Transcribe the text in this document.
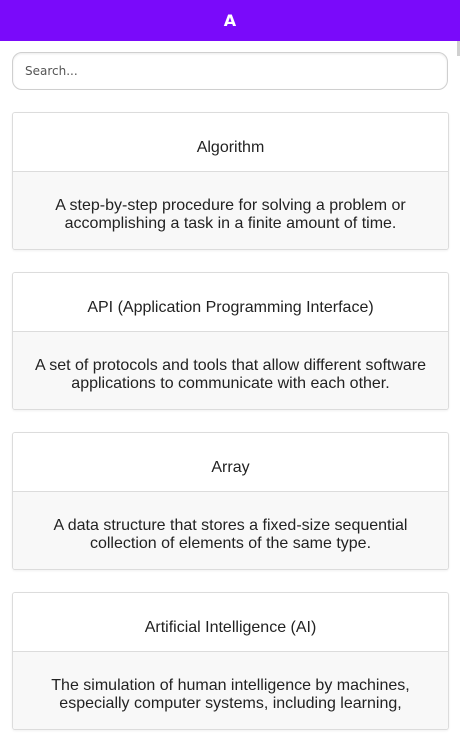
A
Search...
Algorithm
A step-by-step procedure for solving a problem or accomplishing a task in a finite amount of time.
API (Application Programming Interface)
A set of protocols and tools that allow different software applications to communicate with each other.
Array
A data structure that stores a fixed-size sequential collection of elements of the same type.
Artificial Intelligence (AI)
The simulation of human intelligence by machines, especially computer systems, including learning,
